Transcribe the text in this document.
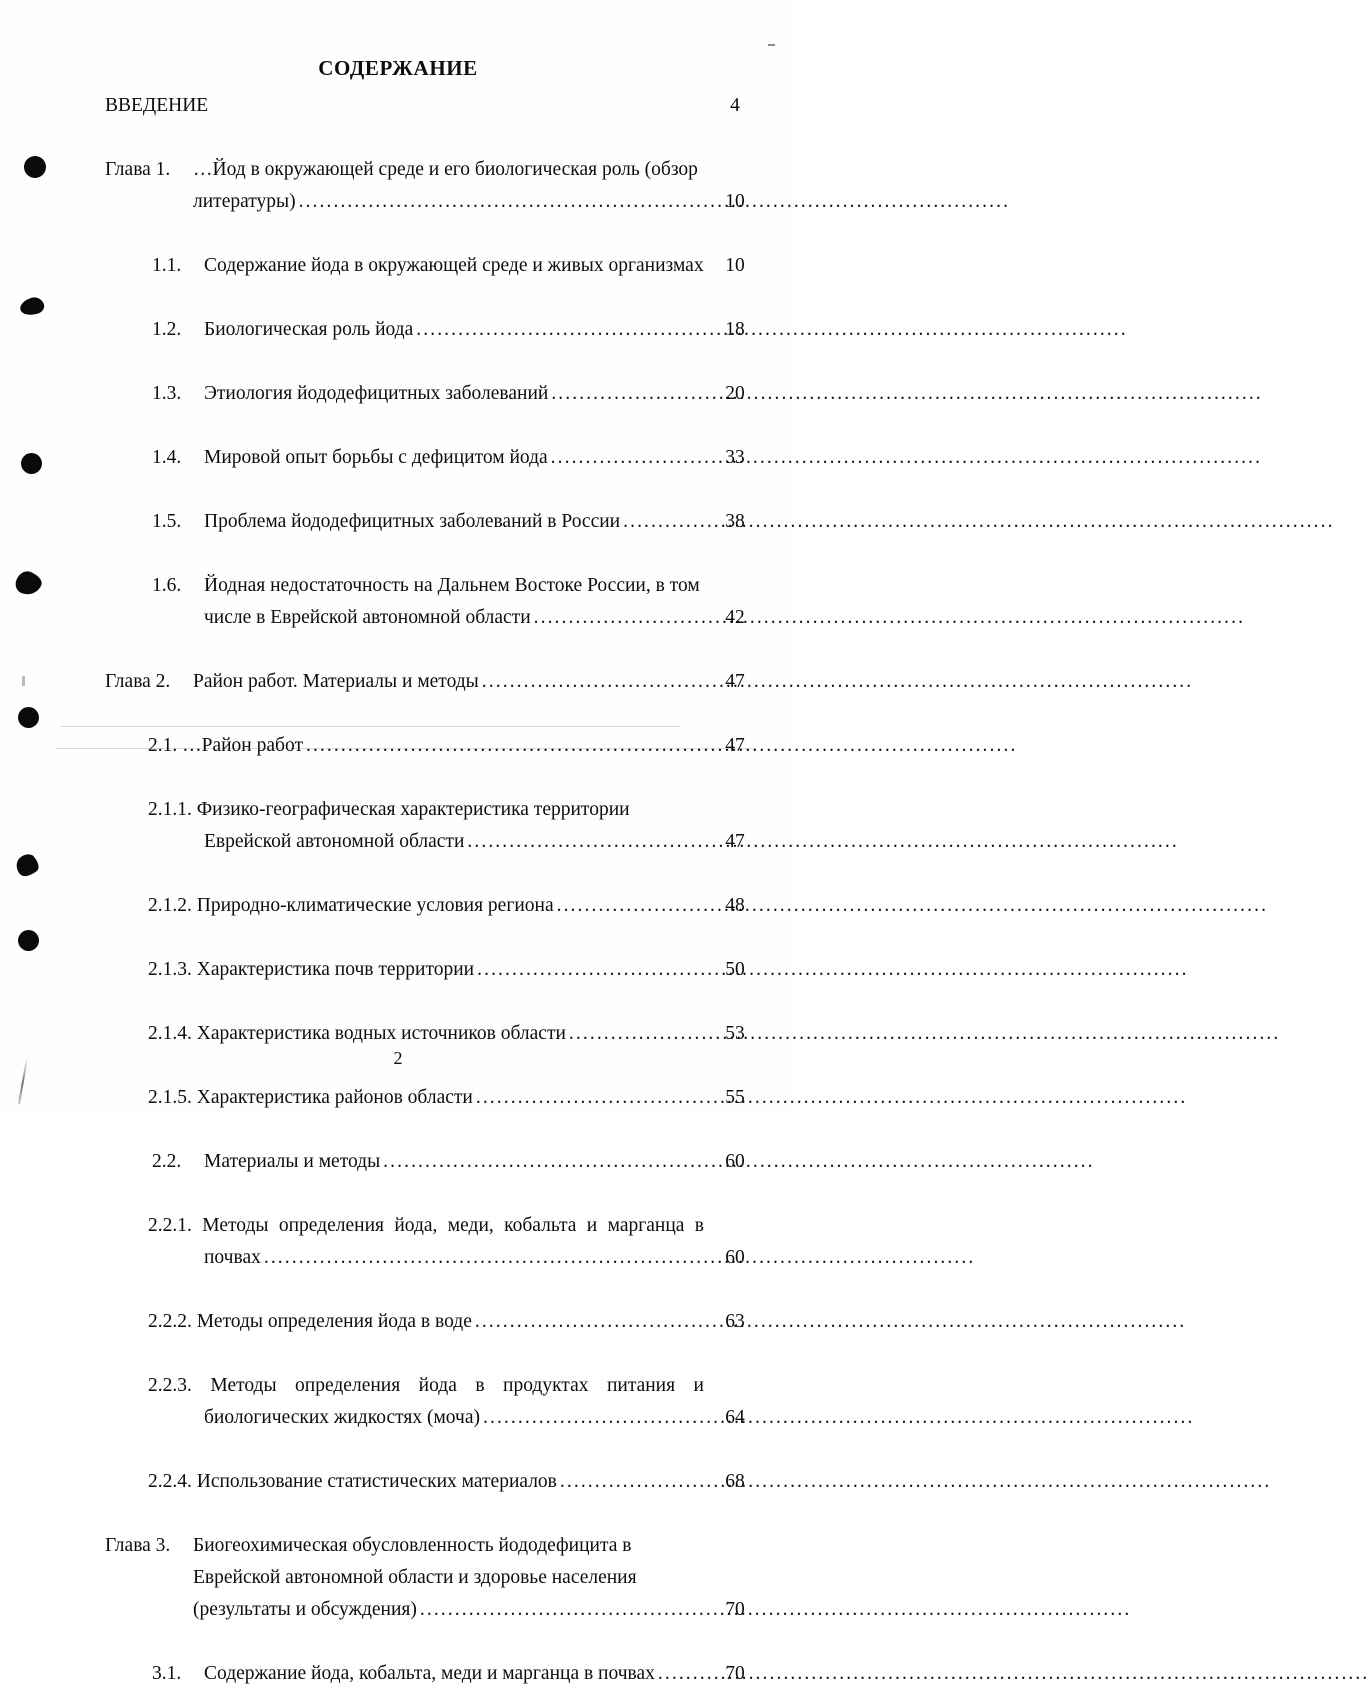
СОДЕРЖАНИЕ
ВВЕДЕНИЕ	4
Глава 1. …Йод в окружающей среде и его биологическая роль (обзор
литературы) .....	10
1.1. Содержание йода в окружающей среде и живых организмах	10
1.2. Биологическая роль йода .....	18
1.3. Этиология йододефицитных заболеваний .....	20
1.4. Мировой опыт борьбы с дефицитом йода .....	33
1.5. Проблема йододефицитных заболеваний в России .....	38
1.6. Йодная недостаточность на Дальнем Востоке России, в том
числе в Еврейской автономной области .....	42
Глава 2. Район работ. Материалы и методы .....	47
2.1. …Район работ .....	47
2.1.1. Физико-географическая характеристика территории
Еврейской автономной области .....	47
2.1.2. Природно-климатические условия региона .....	48
2.1.3. Характеристика почв территории .....	50
2.1.4. Характеристика водных источников области .....	53
2.1.5. Характеристика районов области .....	55
2.2. Материалы и методы .....	60
2.2.1. Методы определения йода, меди, кобальта и марганца в
почвах .....	60
2.2.2. Методы определения йода в воде .....	63
2.2.3. Методы определения йода в продуктах питания и
биологических жидкостях (моча) .....	64
2.2.4. Использование статистических материалов .....	68
Глава 3. Биогеохимическая обусловленность йододефицита в
Еврейской автономной области и здоровье населения
(результаты и обсуждения) .....	70
3.1. Содержание йода, кобальта, меди и марганца в почвах .....	70
2
